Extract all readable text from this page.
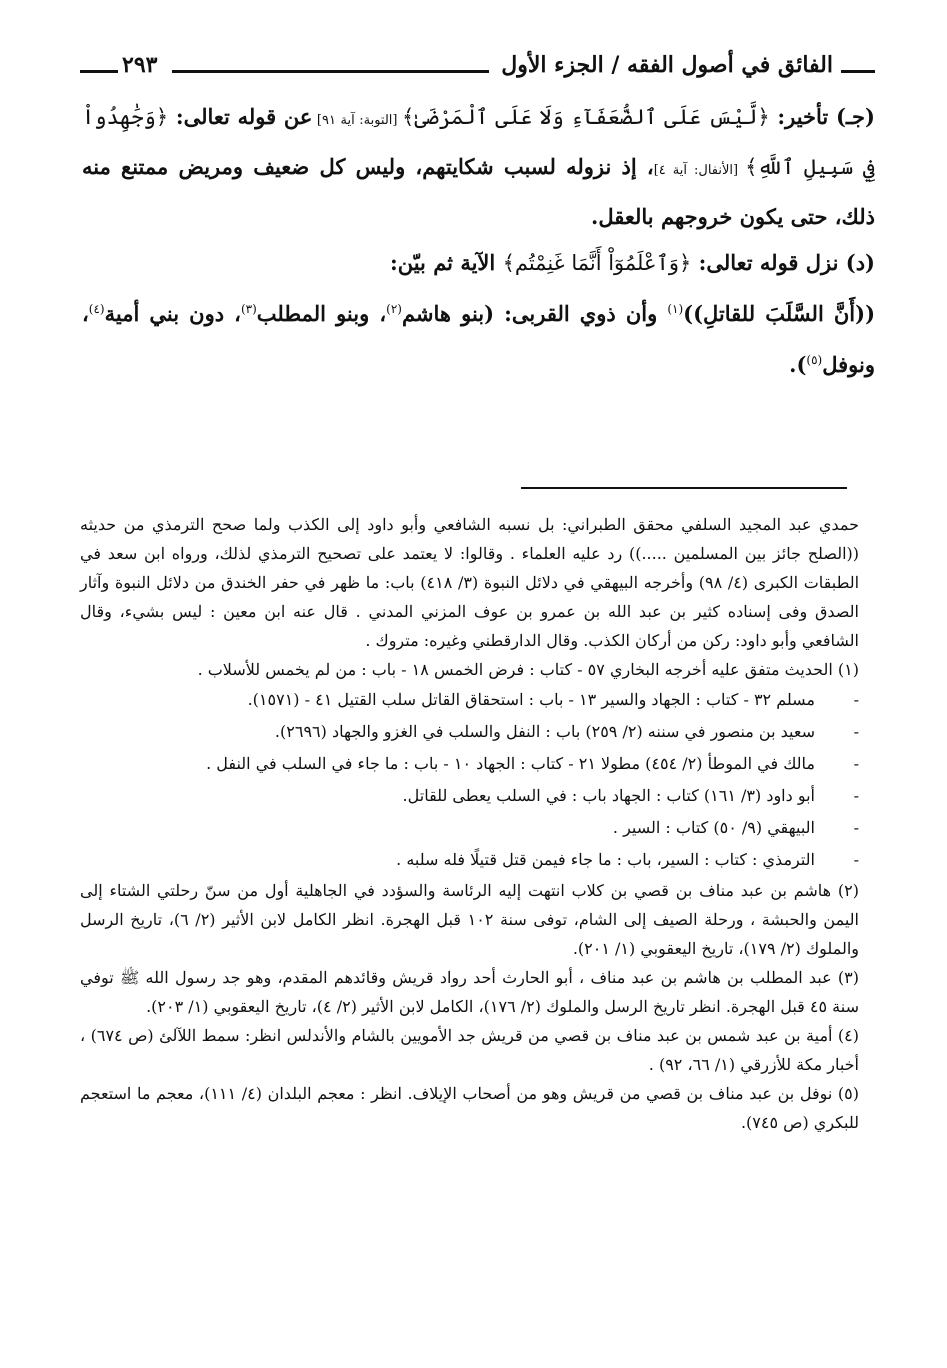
الفائق في أصول الفقه / الجزء الأول
٢٩٣

(جـ) تأخير: ﴿لَّيْسَ عَلَى ٱلضُّعَفَآءِ وَلَا عَلَى ٱلْمَرْضَىٰ﴾ [التوبة: آية ٩١] عن قوله تعالى: ﴿وَجَٰهِدُواْ فِي سَبِيلِ ٱللَّهِ﴾ [الأنفال: آية ٤]، إذ نزوله لسبب شكايتهم، وليس كل ضعيف ومريض ممتنع منه ذلك، حتى يكون خروجهم بالعقل.

(د) نزل قوله تعالى: ﴿وَٱعْلَمُوٓاْ أَنَّمَا غَنِمْتُم﴾ الآية ثم بيّن:

((أَنَّ السَّلَبَ للقاتلِ))$^{(١)}$ وأن ذوي القربى: (بنو هاشم$^{(٢)}$، وبنو المطلب$^{(٣)}$، دون بني أمية$^{(٤)}$، ونوفل$^{(٥)}$).

حمدي عبد المجيد السلفي محقق الطبراني: بل نسبه الشافعي وأبو داود إلى الكذب ولما صحح الترمذي من حديثه ((الصلح جائز بين المسلمين .....)) رد عليه العلماء . وقالوا: لا يعتمد على تصحيح الترمذي لذلك، ورواه ابن سعد في الطبقات الكبرى (٤/ ٩٨) وأخرجه البيهقي في دلائل النبوة (٣/ ٤١٨) باب: ما ظهر في حفر الخندق من دلائل النبوة وآثار الصدق وفى إسناده كثير بن عبد الله بن عمرو بن عوف المزني المدني . قال عنه ابن معين : ليس بشيء، وقال الشافعي وأبو داود: ركن من أركان الكذب. وقال الدارقطني وغيره: متروك .

(١) الحديث متفق عليه أخرجه البخاري ٥٧ - كتاب : فرض الخمس ١٨ - باب : من لم يخمس للأسلاب .

-
مسلم ٣٢ - كتاب : الجهاد والسير ١٣ - باب : استحقاق القاتل سلب القتيل ٤١ - (١٥٧١).
-
سعيد بن منصور في سننه (٢/ ٢٥٩) باب : النفل والسلب في الغزو والجهاد (٢٦٩٦).
-
مالك في الموطأ (٢/ ٤٥٤) مطولا ٢١ - كتاب : الجهاد ١٠ - باب : ما جاء في السلب في النفل .
-
أبو داود (٣/ ١٦١) كتاب : الجهاد باب : في السلب يعطى للقاتل.
-
البيهقي (٩/ ٥٠) كتاب : السير .
-
الترمذي : كتاب : السير، باب : ما جاء فيمن قتل قتيلًا فله سلبه .

(٢) هاشم بن عبد مناف بن قصي بن كلاب انتهت إليه الرئاسة والسؤدد في الجاهلية أول من سنّ رحلتي الشتاء إلى اليمن والحبشة ، ورحلة الصيف إلى الشام، توفى سنة ١٠٢ قبل الهجرة. انظر الكامل لابن الأثير (٢/ ٦)، تاريخ الرسل والملوك (٢/ ١٧٩)، تاريخ اليعقوبي (١/ ٢٠١).

(٣) عبد المطلب بن هاشم بن عبد مناف ، أبو الحارث أحد رواد قريش وقائدهم المقدم، وهو جد رسول الله ﷺ توفي سنة ٤٥ قبل الهجرة. انظر تاريخ الرسل والملوك (٢/ ١٧٦)، الكامل لابن الأثير (٢/ ٤)، تاريخ اليعقوبي (١/ ٢٠٣).

(٤) أمية بن عبد شمس بن عبد مناف بن قصي من قريش جد الأمويين بالشام والأندلس انظر: سمط اللآلئ (ص ٦٧٤) ، أخبار مكة للأزرقي (١/ ٦٦، ٩٢) .

(٥) نوفل بن عبد مناف بن قصي من قريش وهو من أصحاب الإيلاف. انظر : معجم البلدان (٤/ ١١١)، معجم ما استعجم للبكري (ص ٧٤٥).
